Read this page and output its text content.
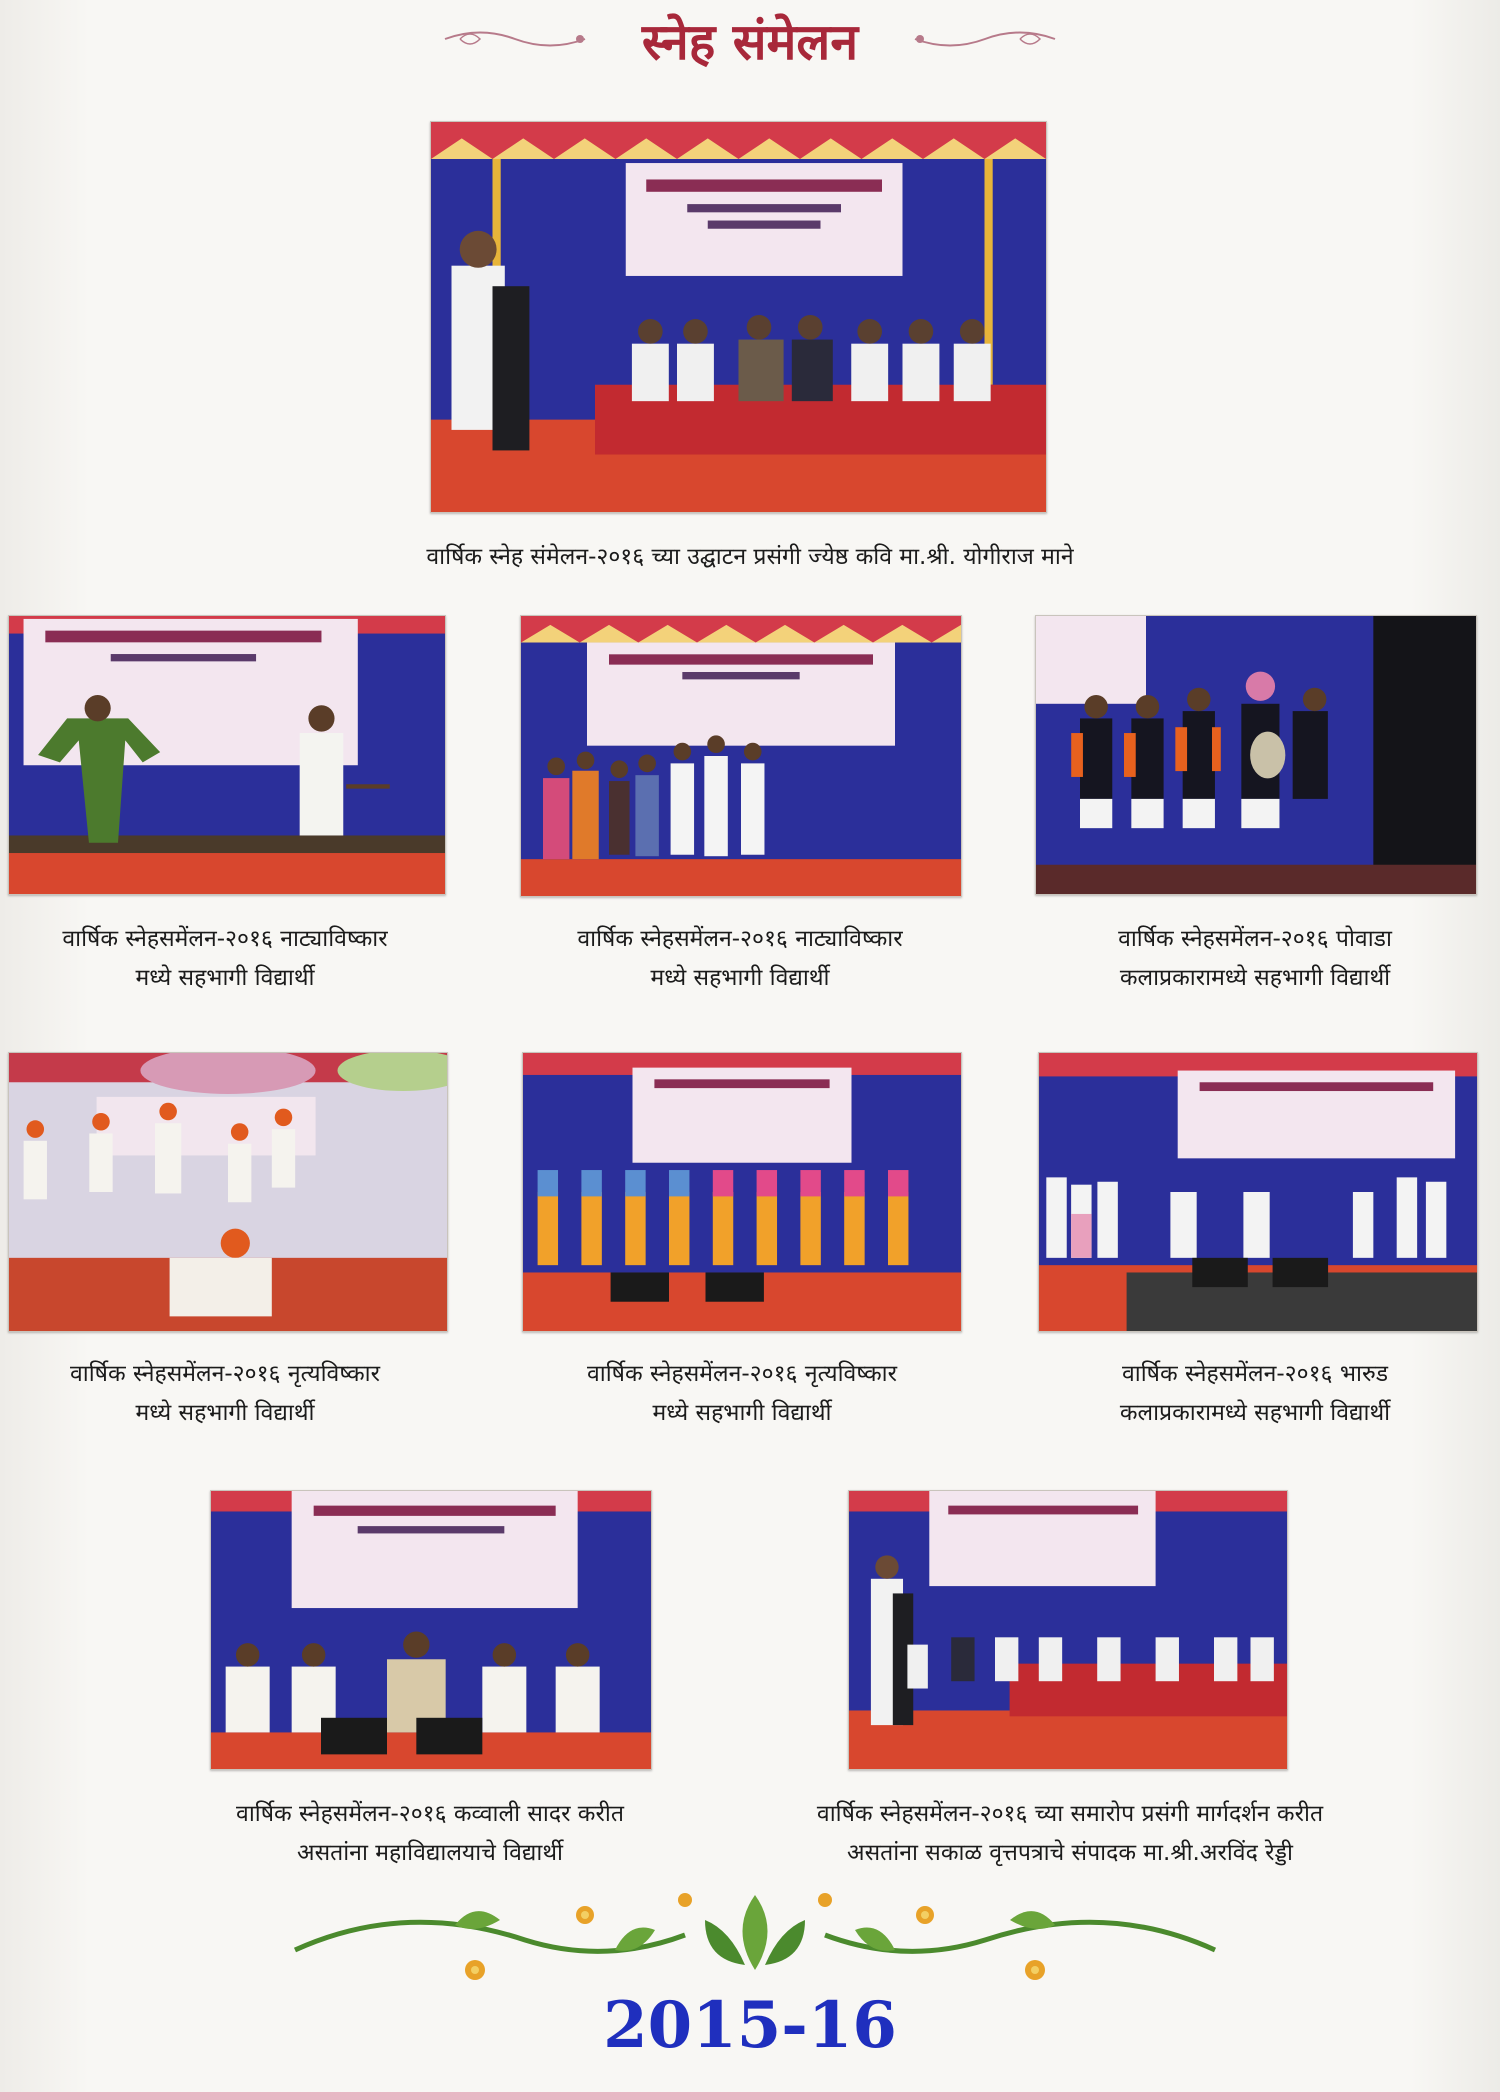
स्नेह संमेलन
वार्षिक स्नेह संमेलन-२०१६ च्या उद्घाटन प्रसंगी ज्येष्ठ कवि मा.श्री. योगीराज माने
वार्षिक स्नेहसमेंलन-२०१६ नाट्याविष्कार
मध्ये सहभागी विद्यार्थी
वार्षिक स्नेहसमेंलन-२०१६ नाट्याविष्कार
मध्ये सहभागी विद्यार्थी
वार्षिक स्नेहसमेंलन-२०१६ पोवाडा
कलाप्रकारामध्ये सहभागी विद्यार्थी
वार्षिक स्नेहसमेंलन-२०१६ नृत्यविष्कार
मध्ये सहभागी विद्यार्थी
वार्षिक स्नेहसमेंलन-२०१६ नृत्यविष्कार
मध्ये सहभागी विद्यार्थी
वार्षिक स्नेहसमेंलन-२०१६ भारुड
कलाप्रकारामध्ये सहभागी विद्यार्थी
वार्षिक स्नेहसमेंलन-२०१६ कव्वाली सादर करीत
असतांना महाविद्यालयाचे विद्यार्थी
वार्षिक स्नेहसमेंलन-२०१६ च्या समारोप प्रसंगी मार्गदर्शन करीत
असतांना सकाळ वृत्तपत्राचे संपादक मा.श्री.अरविंद रेड्डी
2015-16
